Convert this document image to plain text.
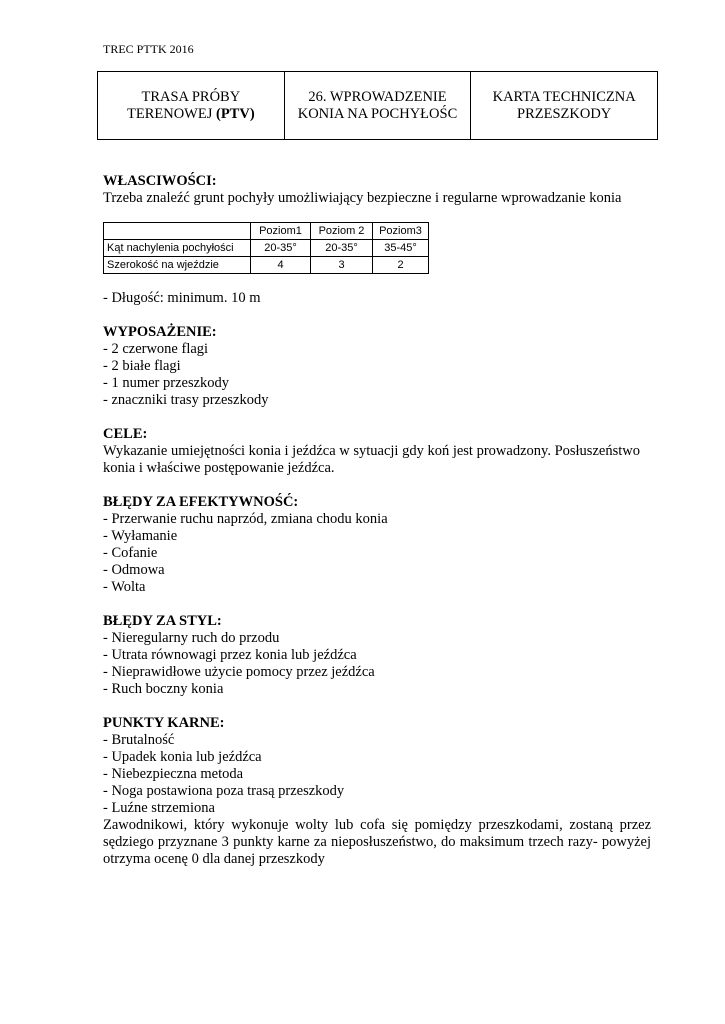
TREC PTTK 2016
TRASA PRÓBY
TERENOWEJ (PTV)

26. WPROWADZENIE
KONIA NA POCHYŁOŚC

KARTA TECHNICZNA
PRZESZKODY
WŁASCIWOŚCI:
Trzeba znaleźć grunt pochyły umożliwiający bezpieczne i regularne wprowadzanie konia
	Poziom1	Poziom 2	Poziom3
Kąt nachylenia pochyłości	20-35°	20-35°	35-45°
Szerokość na wjeździe	4	3	2
- Długość: minimum. 10 m
WYPOSAŻENIE:
- 2 czerwone flagi
- 2 białe flagi
- 1 numer przeszkody
- znaczniki trasy przeszkody
CELE:
Wykazanie umiejętności konia i jeźdźca w sytuacji gdy koń jest prowadzony. Posłuszeństwo konia i właściwe postępowanie jeźdźca.
BŁĘDY ZA EFEKTYWNOŚĆ:
- Przerwanie ruchu naprzód, zmiana chodu konia
- Wyłamanie
- Cofanie
- Odmowa
- Wolta
BŁĘDY ZA STYL:
- Nieregularny ruch do przodu
- Utrata równowagi przez konia lub jeźdźca
- Nieprawidłowe użycie pomocy przez jeźdźca
- Ruch boczny konia
PUNKTY KARNE:
- Brutalność
- Upadek konia lub jeźdźca
- Niebezpieczna metoda
- Noga postawiona poza trasą przeszkody
- Luźne strzemiona
Zawodnikowi, który wykonuje wolty lub cofa się pomiędzy przeszkodami, zostaną przez sędziego przyznane 3 punkty karne za nieposłuszeństwo, do maksimum trzech razy- powyżej otrzyma ocenę 0 dla danej przeszkody
